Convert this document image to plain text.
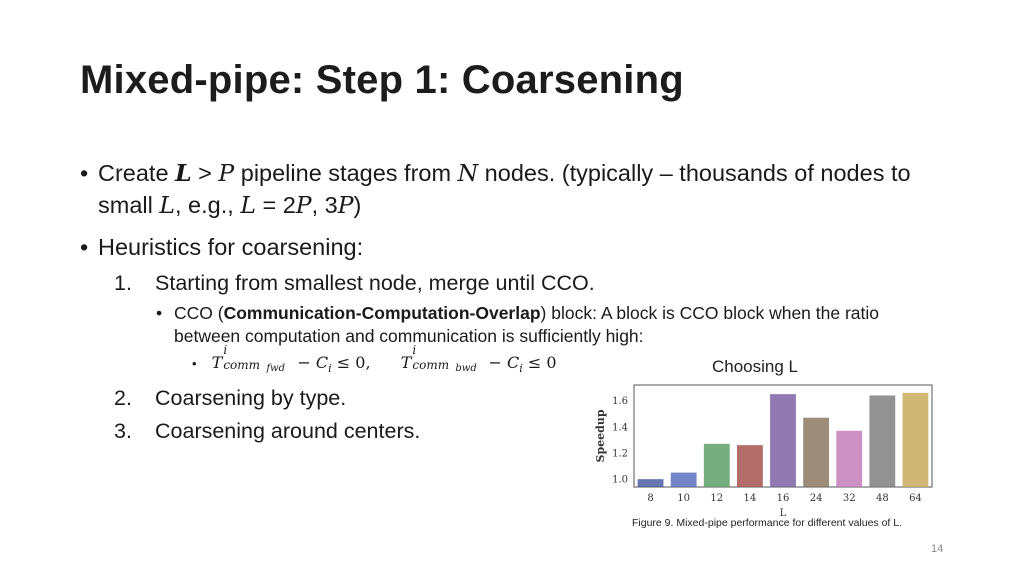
Mixed-pipe: Step 1: Coarsening
• Create L > P pipeline stages from N nodes. (typically – thousands of nodes to small L, e.g., L = 2P, 3P)
• Heuristics for coarsening:
1. Starting from smallest node, merge until CCO.
• CCO (Communication-Computation-Overlap) block: A block is CCO block when the ratio between computation and communication is sufficiently high:
• T
i
comm fwd − $C_i \le 0$, T
i
comm bwd − $C_i \le 0$
2. Coarsening by type.
3. Coarsening around centers.
Choosing L
8 10 12 14 16 24 32 48 64
1.0
1.2
1.4
1.6
L
Speedup
Figure 9. Mixed-pipe performance for different values of L.
14
